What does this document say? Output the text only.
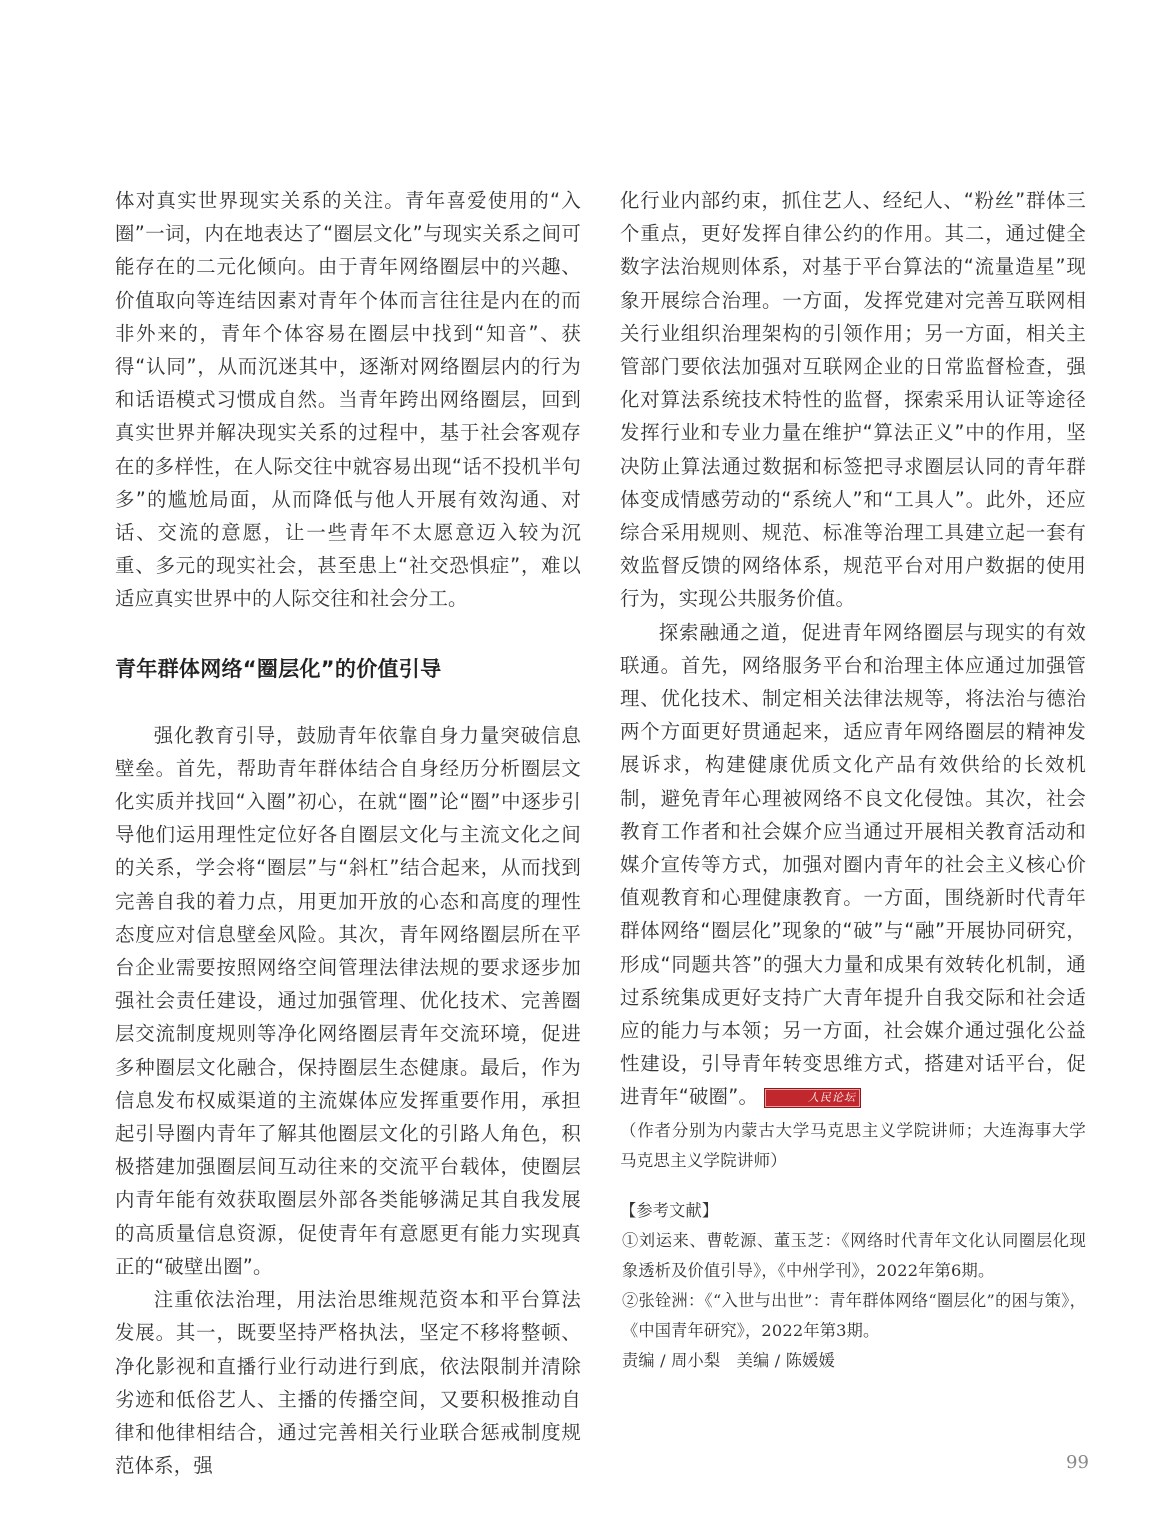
体对真实世界现实关系的关注。青年喜爱使用的“入圈”一词，内在地表达了“圈层文化”与现实关系之间可能存在的二元化倾向。由于青年网络圈层中的兴趣、价值取向等连结因素对青年个体而言往往是内在的而非外来的，青年个体容易在圈层中找到“知音”、获得“认同”，从而沉迷其中，逐渐对网络圈层内的行为和话语模式习惯成自然。当青年跨出网络圈层，回到真实世界并解决现实关系的过程中，基于社会客观存在的多样性，在人际交往中就容易出现“话不投机半句多”的尴尬局面，从而降低与他人开展有效沟通、对话、交流的意愿，让一些青年不太愿意迈入较为沉重、多元的现实社会，甚至患上“社交恐惧症”，难以适应真实世界中的人际交往和社会分工。

青年群体网络“圈层化”的价值引导

强化教育引导，鼓励青年依靠自身力量突破信息壁垒。首先，帮助青年群体结合自身经历分析圈层文化实质并找回“入圈”初心，在就“圈”论“圈”中逐步引导他们运用理性定位好各自圈层文化与主流文化之间的关系，学会将“圈层”与“斜杠”结合起来，从而找到完善自我的着力点，用更加开放的心态和高度的理性态度应对信息壁垒风险。其次，青年网络圈层所在平台企业需要按照网络空间管理法律法规的要求逐步加强社会责任建设，通过加强管理、优化技术、完善圈层交流制度规则等净化网络圈层青年交流环境，促进多种圈层文化融合，保持圈层生态健康。最后，作为信息发布权威渠道的主流媒体应发挥重要作用，承担起引导圈内青年了解其他圈层文化的引路人角色，积极搭建加强圈层间互动往来的交流平台载体，使圈层内青年能有效获取圈层外部各类能够满足其自我发展的高质量信息资源，促使青年有意愿更有能力实现真正的“破壁出圈”。

注重依法治理，用法治思维规范资本和平台算法发展。其一，既要坚持严格执法，坚定不移将整顿、净化影视和直播行业行动进行到底，依法限制并清除劣迹和低俗艺人、主播的传播空间，又要积极推动自律和他律相结合，通过完善相关行业联合惩戒制度规范体系，强

化行业内部约束，抓住艺人、经纪人、“粉丝”群体三个重点，更好发挥自律公约的作用。其二，通过健全数字法治规则体系，对基于平台算法的“流量造星”现象开展综合治理。一方面，发挥党建对完善互联网相关行业组织治理架构的引领作用；另一方面，相关主管部门要依法加强对互联网企业的日常监督检查，强化对算法系统技术特性的监督，探索采用认证等途径发挥行业和专业力量在维护“算法正义”中的作用，坚决防止算法通过数据和标签把寻求圈层认同的青年群体变成情感劳动的“系统人”和“工具人”。此外，还应综合采用规则、规范、标准等治理工具建立起一套有效监督反馈的网络体系，规范平台对用户数据的使用行为，实现公共服务价值。

探索融通之道，促进青年网络圈层与现实的有效联通。首先，网络服务平台和治理主体应通过加强管理、优化技术、制定相关法律法规等，将法治与德治两个方面更好贯通起来，适应青年网络圈层的精神发展诉求，构建健康优质文化产品有效供给的长效机制，避免青年心理被网络不良文化侵蚀。其次，社会教育工作者和社会媒介应当通过开展相关教育活动和媒介宣传等方式，加强对圈内青年的社会主义核心价值观教育和心理健康教育。一方面，围绕新时代青年群体网络“圈层化”现象的“破”与“融”开展协同研究，形成“同题共答”的强大力量和成果有效转化机制，通过系统集成更好支持广大青年提升自我交际和社会适应的能力与本领；另一方面，社会媒介通过强化公益性建设，引导青年转变思维方式，搭建对话平台，促进青年“破圈”。	人民论坛

（作者分别为内蒙古大学马克思主义学院讲师；大连海事大学马克思主义学院讲师）

【参考文献】
①刘运来、曹乾源、董玉芝：《网络时代青年文化认同圈层化现象透析及价值引导》，《中州学刊》，2022年第6期。
②张铨洲：《“入世与出世”：青年群体网络“圈层化”的困与策》，《中国青年研究》，2022年第3期。
责编 / 周小梨　美编 / 陈媛媛
99
